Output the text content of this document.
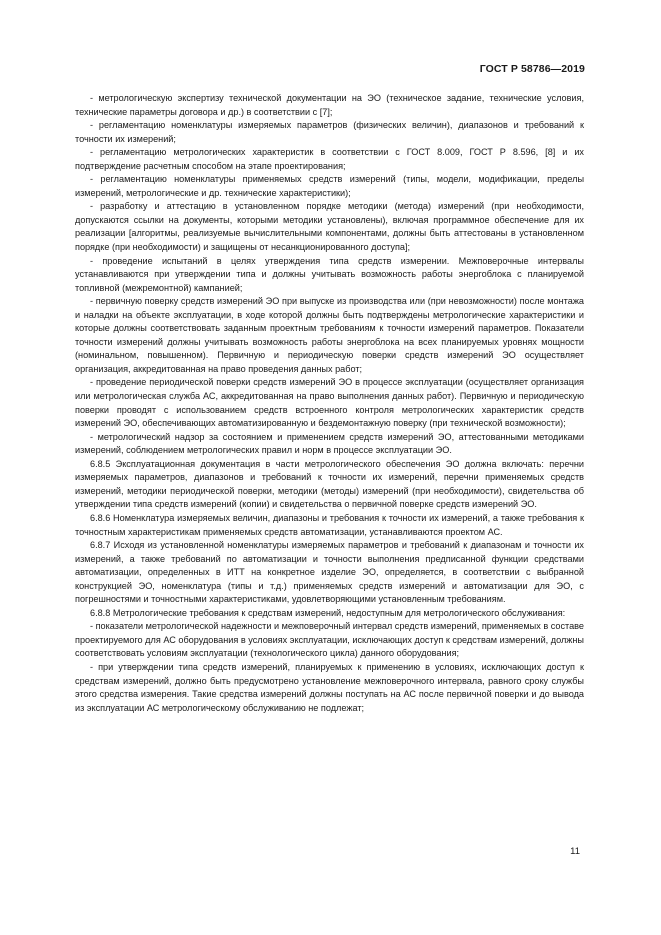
ГОСТ Р 58786—2019

- метрологическую экспертизу технической документации на ЭО (техническое задание, технические условия, технические параметры договора и др.) в соответствии с [7];

- регламентацию номенклатуры измеряемых параметров (физических величин), диапазонов и требований к точности их измерений;

- регламентацию метрологических характеристик в соответствии с ГОСТ 8.009, ГОСТ Р 8.596, [8] и их подтверждение расчетным способом на этапе проектирования;

- регламентацию номенклатуры применяемых средств измерений (типы, модели, модификации, пределы измерений, метрологические и др. технические характеристики);

- разработку и аттестацию в установленном порядке методики (метода) измерений (при необходимости, допускаются ссылки на документы, которыми методики установлены), включая программное обеспечение для их реализации [алгоритмы, реализуемые вычислительными компонентами, должны быть аттестованы в установленном порядке (при необходимости) и защищены от несанкционированного доступа];

- проведение испытаний в целях утверждения типа средств измерении. Межповерочные интервалы устанавливаются при утверждении типа и должны учитывать возможность работы энергоблока с планируемой топливной (межремонтной) кампанией;

- первичную поверку средств измерений ЭО при выпуске из производства или (при невозможности) после монтажа и наладки на объекте эксплуатации, в ходе которой должны быть подтверждены метрологические характеристики и которые должны соответствовать заданным проектным требованиям к точности измерений параметров. Показатели точности измерений должны учитывать возможность работы энергоблока на всех планируемых уровнях мощности (номинальном, повышенном). Первичную и периодическую поверки средств измерений ЭО осуществляет организация, аккредитованная на право проведения данных работ;

- проведение периодической поверки средств измерений ЭО в процессе эксплуатации (осуществляет организация или метрологическая служба АС, аккредитованная на право выполнения данных работ). Первичную и периодическую поверки проводят с использованием средств встроенного контроля метрологических характеристик средств измерений ЭО, обеспечивающих автоматизированную и бездемонтажную поверку (при технической возможности);

- метрологический надзор за состоянием и применением средств измерений ЭО, аттестованными методиками измерений, соблюдением метрологических правил и норм в процессе эксплуатации ЭО.

6.8.5 Эксплуатационная документация в части метрологического обеспечения ЭО должна включать: перечни измеряемых параметров, диапазонов и требований к точности их измерений, перечни применяемых средств измерений, методики периодической поверки, методики (методы) измерений (при необходимости), свидетельства об утверждении типа средств измерений (копии) и свидетельства о первичной поверке средств измерений ЭО.

6.8.6 Номенклатура измеряемых величин, диапазоны и требования к точности их измерений, а также требования к точностным характеристикам применяемых средств автоматизации, устанавливаются проектом АС.

6.8.7 Исходя из установленной номенклатуры измеряемых параметров и требований к диапазонам и точности их измерений, а также требований по автоматизации и точности выполнения предписанной функции средствами автоматизации, определенных в ИТТ на конкретное изделие ЭО, определяется, в соответствии с выбранной конструкцией ЭО, номенклатура (типы и т.д.) применяемых средств измерений и автоматизации для ЭО, с погрешностями и точностными характеристиками, удовлетворяющими установленным требованиям.

6.8.8 Метрологические требования к средствам измерений, недоступным для метрологического обслуживания:

- показатели метрологической надежности и межповерочный интервал средств измерений, применяемых в составе проектируемого для АС оборудования в условиях эксплуатации, исключающих доступ к средствам измерений, должны соответствовать условиям эксплуатации (технологического цикла) данного оборудования;

- при утверждении типа средств измерений, планируемых к применению в условиях, исключающих доступ к средствам измерений, должно быть предусмотрено установление межповерочного интервала, равного сроку службы этого средства измерения. Такие средства измерений должны поступать на АС после первичной поверки и до вывода из эксплуатации АС метрологическому обслуживанию не подлежат;

11
